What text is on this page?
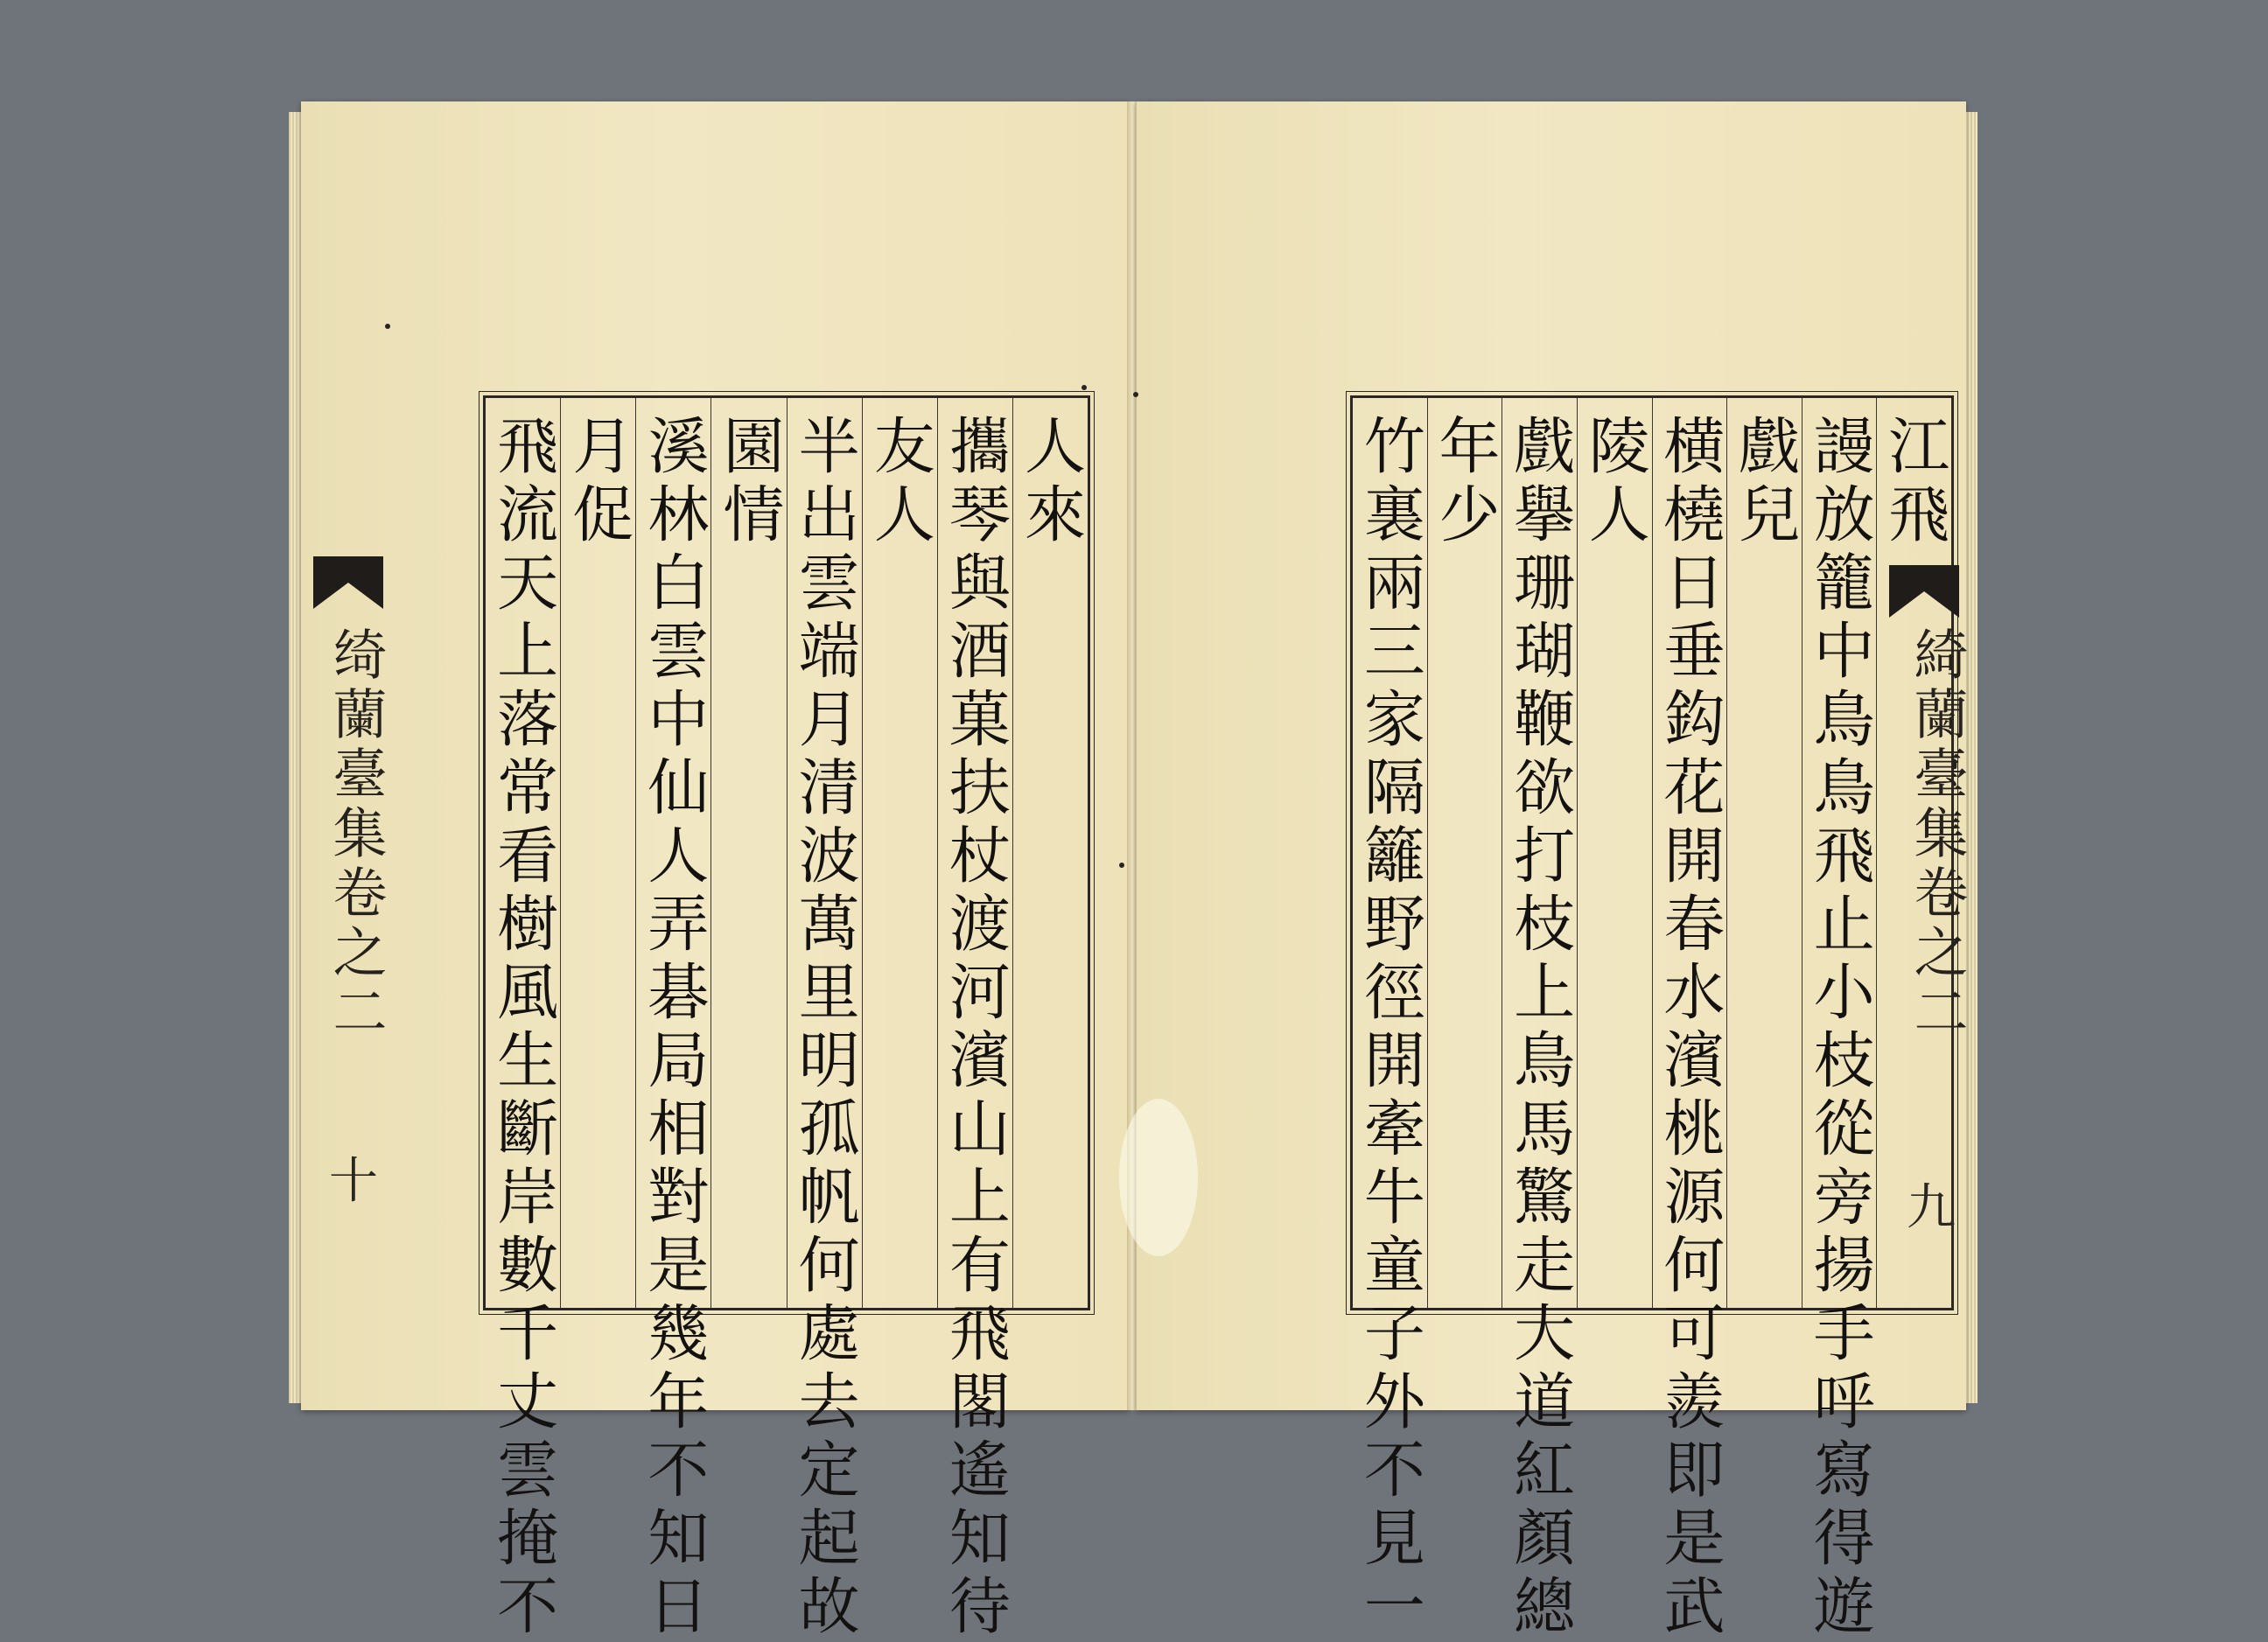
绮蘭臺集卷之二
十
人來
攜琴與酒菓扶杖渡河濱山上有飛閣遙知待
友人
半出雲端月清波萬里明孤帆何處去定起故
園情
溪林白雲中仙人弄碁局相對是幾年不知日
月促
飛流天上落常看樹風生斷岸數千丈雲掩不	江飛
謾放籠中鳥鳥飛止小枝從旁揚手呼寫得遊
戲兒
横橈日垂鈎花開春水濱桃源何可羨即是武
陵人
戲擧珊瑚鞭欲打枝上鳥馬驚走大道紅顏總
年少
竹裏兩三家隔籬野徑開牽牛童子外不見一	綺蘭臺集卷之二
九
